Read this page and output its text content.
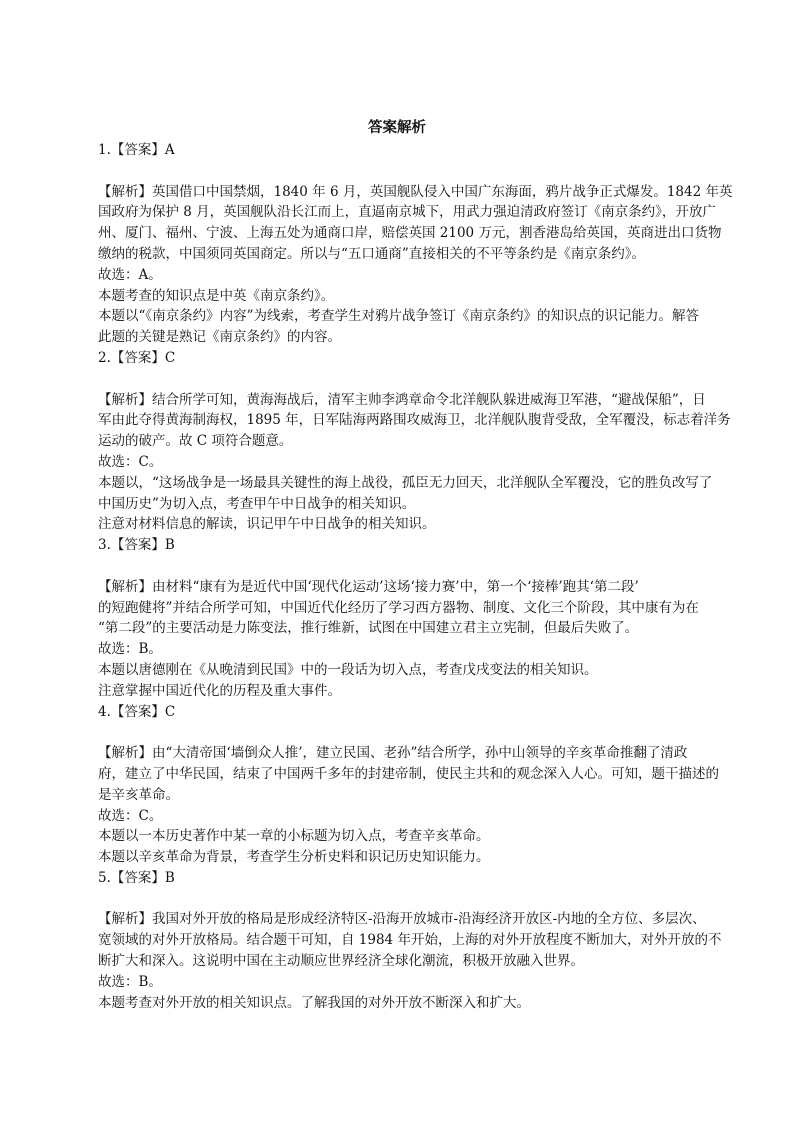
答案解析
1.【答案】A
【解析】英国借口中国禁烟，1840 年 6 月，英国舰队侵入中国广东海面，鸦片战争正式爆发。1842 年英
国政府为保护 8 月，英国舰队沿长江而上，直逼南京城下，用武力强迫清政府签订《南京条约》，开放广
州、厦门、福州、宁波、上海五处为通商口岸，赔偿英国 2100 万元，割香港岛给英国，英商进出口货物
缴纳的税款，中国须同英国商定。所以与“五口通商”直接相关的不平等条约是《南京条约》。
故选：A。
本题考查的知识点是中英《南京条约》。
本题以“《南京条约》内容”为线索，考查学生对鸦片战争签订《南京条约》的知识点的识记能力。解答
此题的关键是熟记《南京条约》的内容。
2.【答案】C
【解析】结合所学可知，黄海海战后，清军主帅李鸿章命令北洋舰队躲进威海卫军港，“避战保船”，日
军由此夺得黄海制海权，1895 年，日军陆海两路围攻威海卫，北洋舰队腹背受敌，全军覆没，标志着洋务
运动的破产。故 C 项符合题意。
故选：C。
本题以，“这场战争是一场最具关键性的海上战役，孤臣无力回天，北洋舰队全军覆没，它的胜负改写了
中国历史”为切入点，考查甲午中日战争的相关知识。
注意对材料信息的解读，识记甲午中日战争的相关知识。
3.【答案】B
【解析】由材料“康有为是近代中国‘现代化运动’这场‘接力赛’中，第一个‘接棒’跑其‘第二段’
的短跑健将”并结合所学可知，中国近代化经历了学习西方器物、制度、文化三个阶段，其中康有为在
“第二段”的主要活动是力陈变法，推行维新，试图在中国建立君主立宪制，但最后失败了。
故选：B。
本题以唐德刚在《从晚清到民国》中的一段话为切入点，考查戊戌变法的相关知识。
注意掌握中国近代化的历程及重大事件。
4.【答案】C
【解析】由“大清帝国‘墙倒众人推’，建立民国、老孙”结合所学，孙中山领导的辛亥革命推翻了清政
府，建立了中华民国，结束了中国两千多年的封建帝制，使民主共和的观念深入人心。可知，题干描述的
是辛亥革命。
故选：C。
本题以一本历史著作中某一章的小标题为切入点，考查辛亥革命。
本题以辛亥革命为背景，考查学生分析史料和识记历史知识能力。
5.【答案】B
【解析】我国对外开放的格局是形成经济特区-沿海开放城市-沿海经济开放区-内地的全方位、多层次、
宽领域的对外开放格局。结合题干可知，自 1984 年开始，上海的对外开放程度不断加大，对外开放的不
断扩大和深入。这说明中国在主动顺应世界经济全球化潮流，积极开放融入世界。
故选：B。
本题考查对外开放的相关知识点。了解我国的对外开放不断深入和扩大。
